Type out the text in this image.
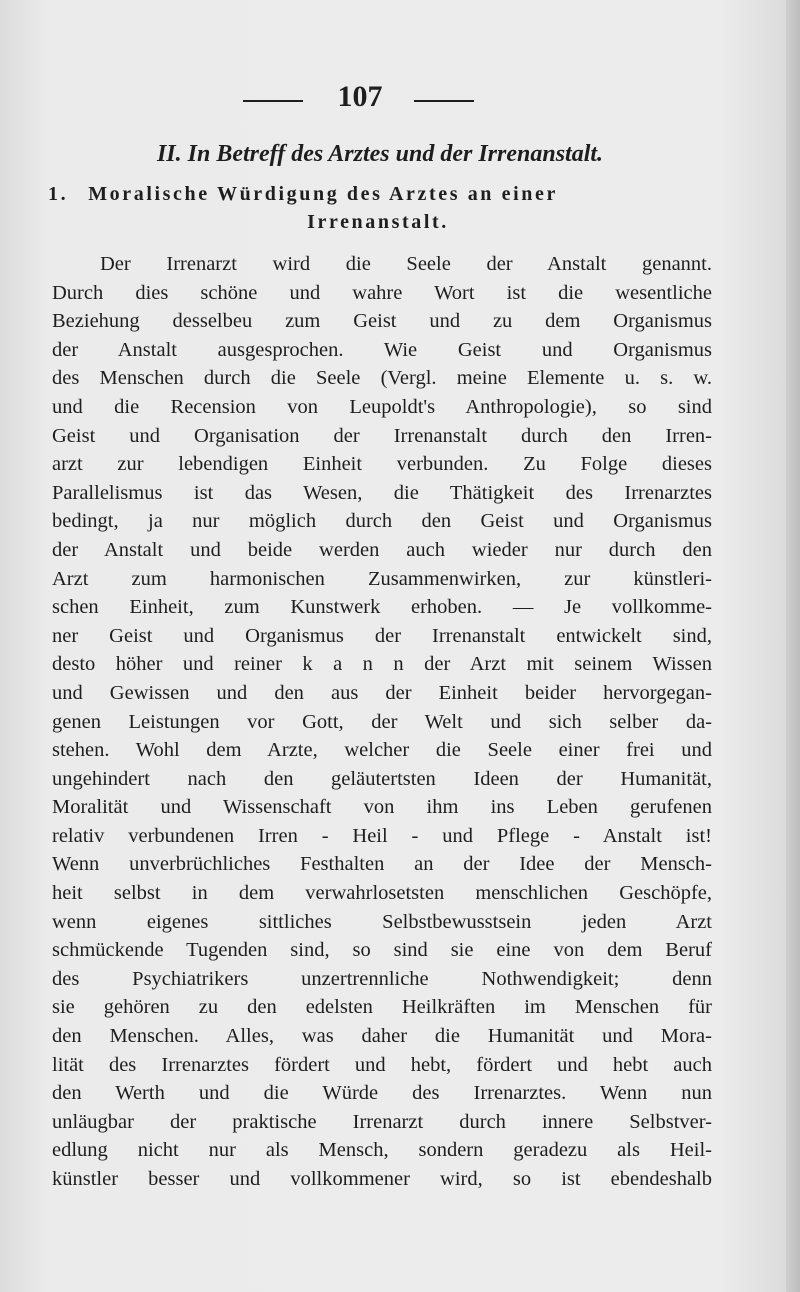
107
II. In Betreff des Arztes und der Irrenanstalt.
1. Moralische Würdigung des Arztes an einer
Irrenanstalt.
Der Irrenarzt wird die Seele der Anstalt genannt.
Durch dies schöne und wahre Wort ist die wesentliche
Beziehung desselbeu zum Geist und zu dem Organismus
der Anstalt ausgesprochen. Wie Geist und Organismus
des Menschen durch die Seele (Vergl. meine Elemente u. s. w.
und die Recension von Leupoldt's Anthropologie), so sind
Geist und Organisation der Irrenanstalt durch den Irren-
arzt zur lebendigen Einheit verbunden. Zu Folge dieses
Parallelismus ist das Wesen, die Thätigkeit des Irrenarztes
bedingt, ja nur möglich durch den Geist und Organismus
der Anstalt und beide werden auch wieder nur durch den
Arzt zum harmonischen Zusammenwirken, zur künstleri-
schen Einheit, zum Kunstwerk erhoben. — Je vollkomme-
ner Geist und Organismus der Irrenanstalt entwickelt sind,
desto höher und reiner k a n n der Arzt mit seinem Wissen
und Gewissen und den aus der Einheit beider hervorgegan-
genen Leistungen vor Gott, der Welt und sich selber da-
stehen. Wohl dem Arzte, welcher die Seele einer frei und
ungehindert nach den geläutertsten Ideen der Humanität,
Moralität und Wissenschaft von ihm ins Leben gerufenen
relativ verbundenen Irren - Heil - und Pflege - Anstalt ist!
Wenn unverbrüchliches Festhalten an der Idee der Mensch-
heit selbst in dem verwahrlosetsten menschlichen Geschöpfe,
wenn eigenes sittliches Selbstbewusstsein jeden Arzt
schmückende Tugenden sind, so sind sie eine von dem Beruf
des Psychiatrikers unzertrennliche Nothwendigkeit; denn
sie gehören zu den edelsten Heilkräften im Menschen für
den Menschen. Alles, was daher die Humanität und Mora-
lität des Irrenarztes fördert und hebt, fördert und hebt auch
den Werth und die Würde des Irrenarztes. Wenn nun
unläugbar der praktische Irrenarzt durch innere Selbstver-
edlung nicht nur als Mensch, sondern geradezu als Heil-
künstler besser und vollkommener wird, so ist ebendeshalb
